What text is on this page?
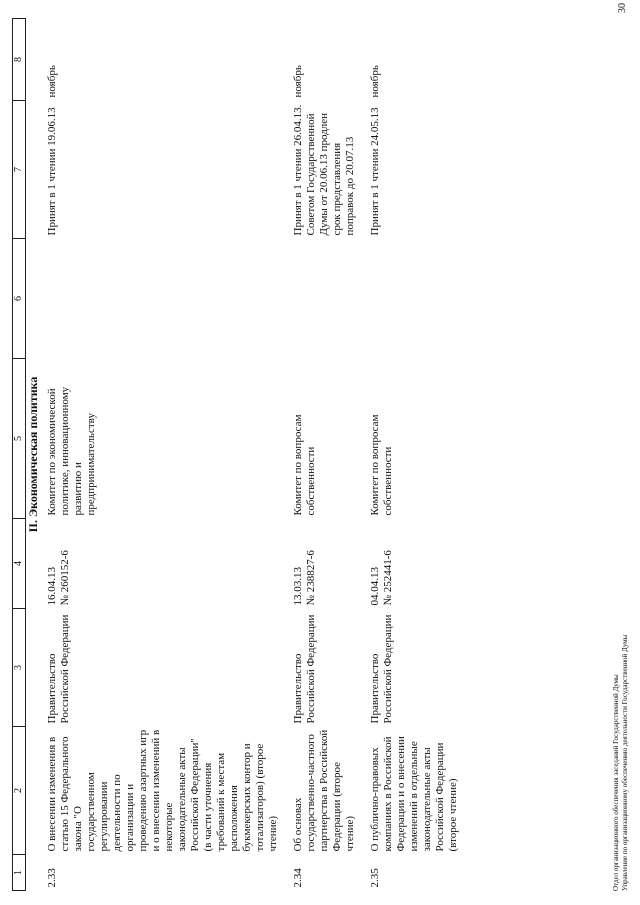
1	2	3	4	5	6	7	8
II. Экономическая политика							
2.33	О внесении изменения в статью 15 Федерального закона "О государственном регулировании деятельности по организации и проведению азартных игр и о внесении изменений в некоторые законодательные акты Российской Федерации" (в части уточнения требований к местам расположения букмекерских контор и тотализаторов) (второе чтение)	Правительство Российской Федерации	16.04.13 № 260152-6	Комитет по экономической политике, инновационному развитию и предпринимательству		Принят в 1 чтении 19.06.13	ноябрь
2.34	Об основах государственно-частного партнерства в Российской Федерации (второе чтение)	Правительство Российской Федерации	13.03.13 № 238827-6	Комитет по вопросам собственности		Принят в 1 чтении 26.04.13. Советом Государственной Думы от 20.06.13 продлен срок представления поправок до 20.07.13	ноябрь
2.35	О публично-правовых компаниях в Российской Федерации и о внесении изменений в отдельные законодательные акты Российской Федерации (второе чтение)	Правительство Российской Федерации	04.04.13 № 252441-6	Комитет по вопросам собственности		Принят в 1 чтении 24.05.13	ноябрь
Отдел организационного обеспечения заседаний Государственной Думы Управление по организационному обеспечению деятельности Государственной Думы
30
